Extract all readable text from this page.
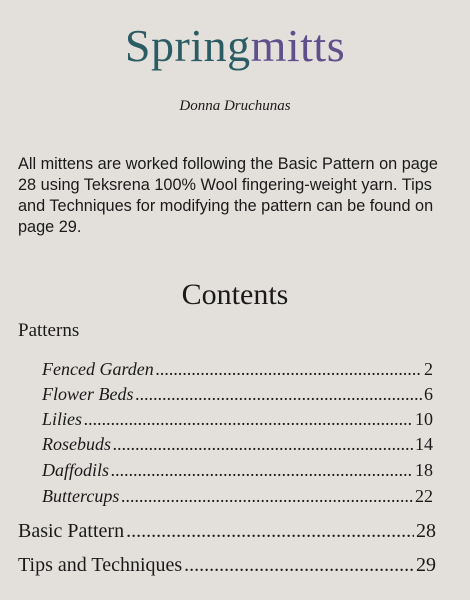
Springmitts
Donna Druchunas

All mittens are worked following the Basic Pattern on page 28 using Teksrena 100% Wool fingering-weight yarn. Tips and Techniques for modifying the pattern can be found on page 29.

Contents
Patterns
Fenced Garden .....	2
Flower Beds .....	6
Lilies .....	10
Rosebuds .....	14
Daffodils .....	18
Buttercups .....	22
Basic Pattern .....	28
Tips and Techniques .....	29
